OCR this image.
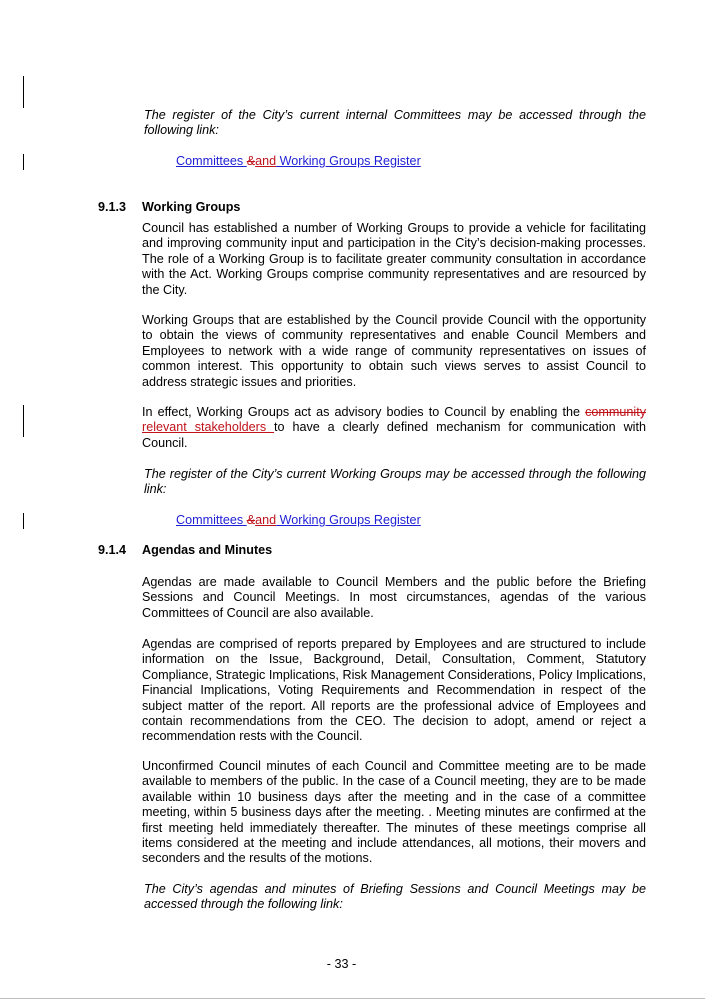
The register of the City’s current internal Committees may be accessed through the following link:
Committees &and Working Groups Register
9.1.3 Working Groups
Council has established a number of Working Groups to provide a vehicle for facilitating and improving community input and participation in the City’s decision-making processes. The role of a Working Group is to facilitate greater community consultation in accordance with the Act. Working Groups comprise community representatives and are resourced by the City.
Working Groups that are established by the Council provide Council with the opportunity to obtain the views of community representatives and enable Council Members and Employees to network with a wide range of community representatives on issues of common interest. This opportunity to obtain such views serves to assist Council to address strategic issues and priorities.
In effect, Working Groups act as advisory bodies to Council by enabling the community relevant stakeholders to have a clearly defined mechanism for communication with Council.
The register of the City’s current Working Groups may be accessed through the following link:
Committees &and Working Groups Register
9.1.4 Agendas and Minutes
Agendas are made available to Council Members and the public before the Briefing Sessions and Council Meetings. In most circumstances, agendas of the various Committees of Council are also available.
Agendas are comprised of reports prepared by Employees and are structured to include information on the Issue, Background, Detail, Consultation, Comment, Statutory Compliance, Strategic Implications, Risk Management Considerations, Policy Implications, Financial Implications, Voting Requirements and Recommendation in respect of the subject matter of the report. All reports are the professional advice of Employees and contain recommendations from the CEO. The decision to adopt, amend or reject a recommendation rests with the Council.
Unconfirmed Council minutes of each Council and Committee meeting are to be made available to members of the public. In the case of a Council meeting, they are to be made available within 10 business days after the meeting and in the case of a committee meeting, within 5 business days after the meeting. . Meeting minutes are confirmed at the first meeting held immediately thereafter. The minutes of these meetings comprise all items considered at the meeting and include attendances, all motions, their movers and seconders and the results of the motions.
The City’s agendas and minutes of Briefing Sessions and Council Meetings may be accessed through the following link:
- 33 -
